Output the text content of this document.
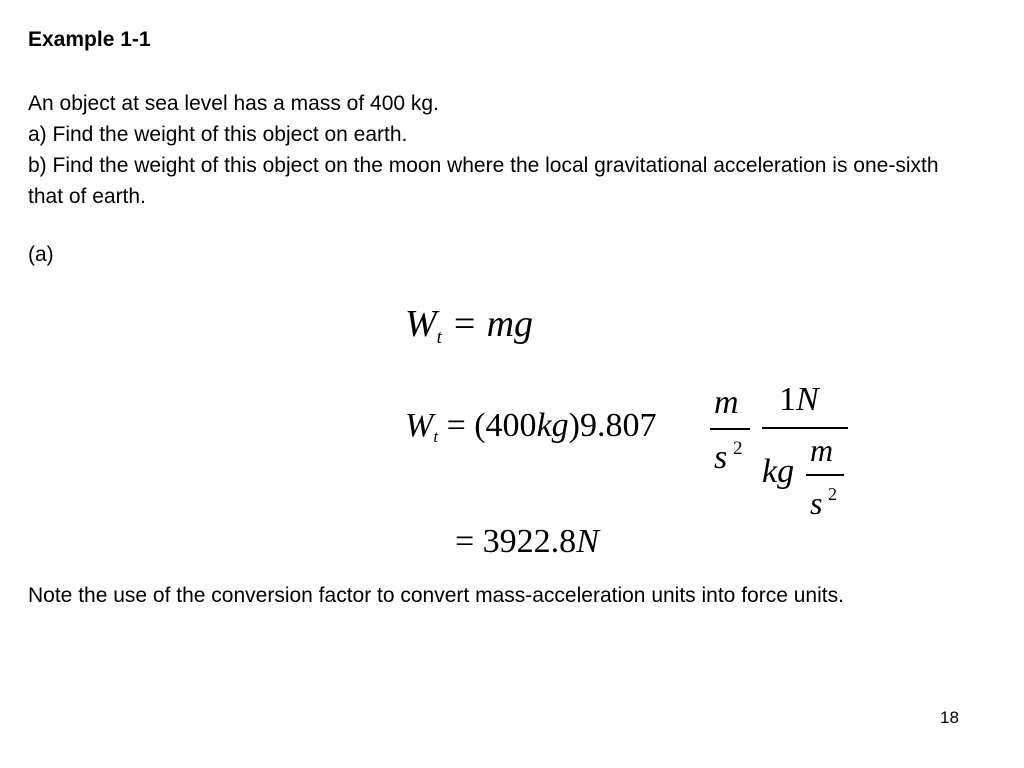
Example 1-1

An object at sea level has a mass of 400 kg.

a) Find the weight of this object on earth.

b) Find the weight of this object on the moon where the local gravitational acceleration is one-sixth that of earth.

(a)
Wt = mg
Wt = (400kg)9.807
m
s 2
1 N
kg
m
s 2
= 3922.8N
Note the use of the conversion factor to convert mass-acceleration units into force units.
18
